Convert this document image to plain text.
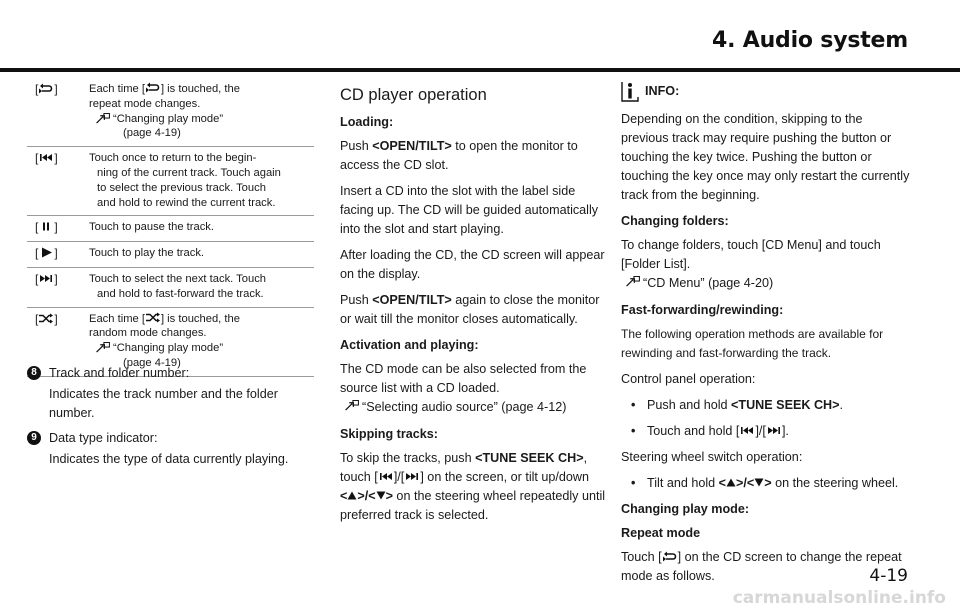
4. Audio system
[ ]	Each time [ ] is touched, the
repeat mode changes.
“Changing play mode”
(page 4-19)

[ ]	Touch once to return to the begin-
ning of the current track. Touch again
to select the previous track. Touch
and hold to rewind the current track.

[ ]	Touch to pause the track.

[ ]	Touch to play the track.

[ ]	Touch to select the next tack. Touch
and hold to fast-forward the track.

[ ]	Each time [ ] is touched, the
random mode changes.
“Changing play mode”
(page 4-19)
8 Track and folder number:
Indicates the track number and the folder number.
9 Data type indicator:
Indicates the type of data currently playing.
CD player operation

Loading:

Push <OPEN/TILT> to open the monitor to access the CD slot.

Insert a CD into the slot with the label side facing up. The CD will be guided automatically into the slot and start playing.

After loading the CD, the CD screen will appear on the display.

Push <OPEN/TILT> again to close the monitor or wait till the monitor closes automatically.

Activation and playing:

The CD mode can be also selected from the source list with a CD loaded.

“Selecting audio source” (page 4-12)

Skipping tracks:

To skip the tracks, push <TUNE SEEK CH>,
touch [ ]/[ ] on the screen, or tilt up/down
< >/< > on the steering wheel repeatedly until preferred track is selected.

INFO:

Depending on the condition, skipping to the previous track may require pushing the button or touching the key twice. Pushing the button or touching the key once may only restart the currently track from the beginning.

Changing folders:

To change folders, touch [CD Menu] and touch [Folder List].

“CD Menu” (page 4-20)

Fast-forwarding/rewinding:

The following operation methods are available for rewinding and fast-forwarding the track.

Control panel operation:

• Push and hold <TUNE SEEK CH>.
• Touch and hold [ ]/[ ].

Steering wheel switch operation:

• Tilt and hold < >/< > on the steering wheel.

Changing play mode:

Repeat mode

Touch [ ] on the CD screen to change the repeat mode as follows.	4-19
carmanualsonline.info
